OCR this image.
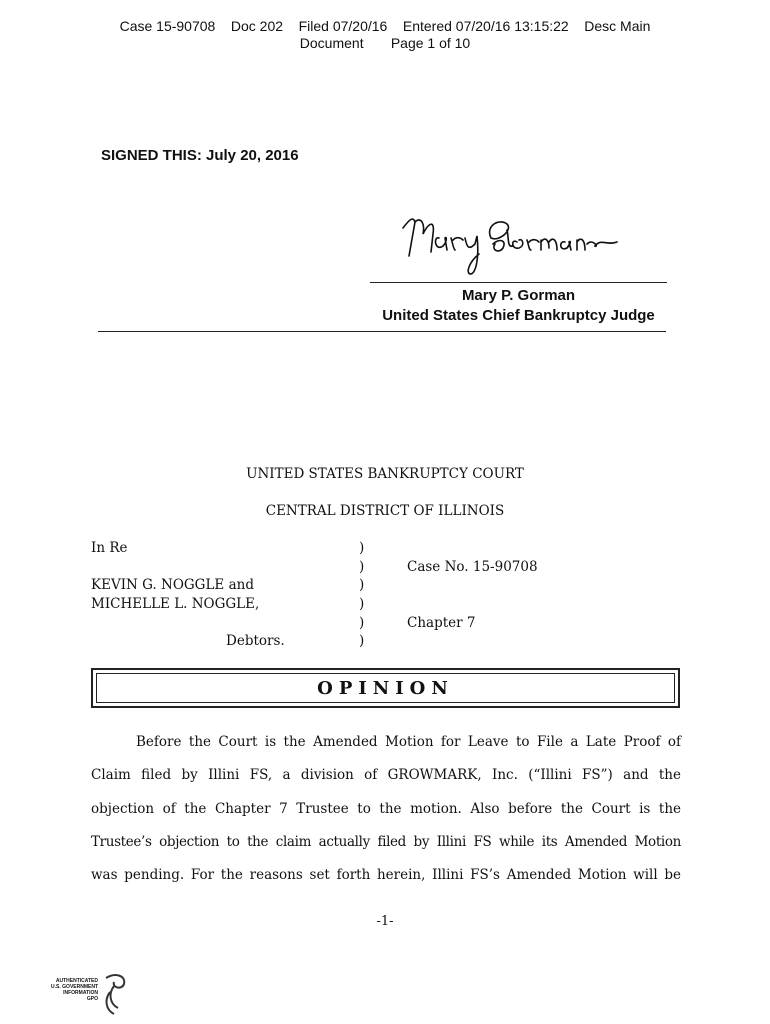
Case 15-90708    Doc 202    Filed 07/20/16    Entered 07/20/16 13:15:22    Desc Main
Document       Page 1 of 10
SIGNED THIS: July 20, 2016
Mary P. Gorman
United States Chief Bankruptcy Judge
UNITED STATES BANKRUPTCY COURT
CENTRAL DISTRICT OF ILLINOIS
In Re
KEVIN G. NOGGLE and
MICHELLE L. NOGGLE,
Debtors.
)
)
)
)
)
)
Case No. 15-90708
Chapter 7
OPINION
Before the Court is the Amended Motion for Leave to File a Late Proof of
Claim filed by Illini FS, a division of GROWMARK, Inc. (“Illini FS”) and the
objection of the Chapter 7 Trustee to the motion. Also before the Court is the
Trustee’s objection to the claim actually filed by Illini FS while its Amended Motion
was pending. For the reasons set forth herein, Illini FS’s Amended Motion will be
-1-
AUTHENTICATED
U.S. GOVERNMENT
INFORMATION
GPO
